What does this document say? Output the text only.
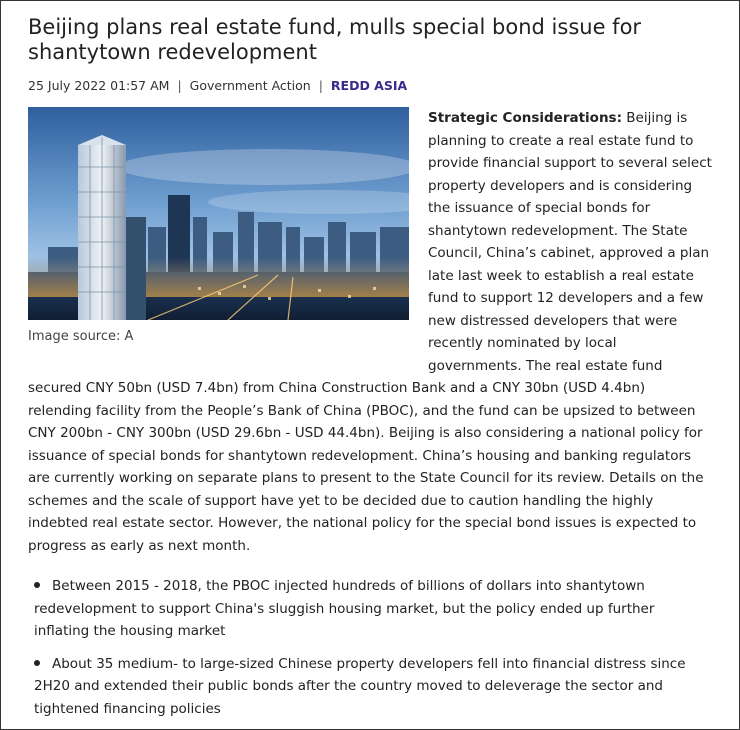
Beijing plans real estate fund, mulls special bond issue for shantytown redevelopment
25 July 2022 01:57 AM | Government Action | REDD ASIA
Image source: A

Strategic Considerations: Beijing is planning to create a real estate fund to provide financial support to several select property developers and is considering the issuance of special bonds for shantytown redevelopment. The State Council, China’s cabinet, approved a plan late last week to establish a real estate fund to support 12 developers and a few new distressed developers that were recently nominated by local governments. The real estate fund secured CNY 50bn (USD 7.4bn) from China Construction Bank and a CNY 30bn (USD 4.4bn) relending facility from the People’s Bank of China (PBOC), and the fund can be upsized to between CNY 200bn - CNY 300bn (USD 29.6bn - USD 44.4bn). Beijing is also considering a national policy for issuance of special bonds for shantytown redevelopment. China’s housing and banking regulators are currently working on separate plans to present to the State Council for its review. Details on the schemes and the scale of support have yet to be decided due to caution handling the highly indebted real estate sector. However, the national policy for the special bond issues is expected to progress as early as next month.

Between 2015 - 2018, the PBOC injected hundreds of billions of dollars into shantytown redevelopment to support China's sluggish housing market, but the policy ended up further inflating the housing market
About 35 medium- to large-sized Chinese property developers fell into financial distress since 2H20 and extended their public bonds after the country moved to deleverage the sector and tightened financing policies
